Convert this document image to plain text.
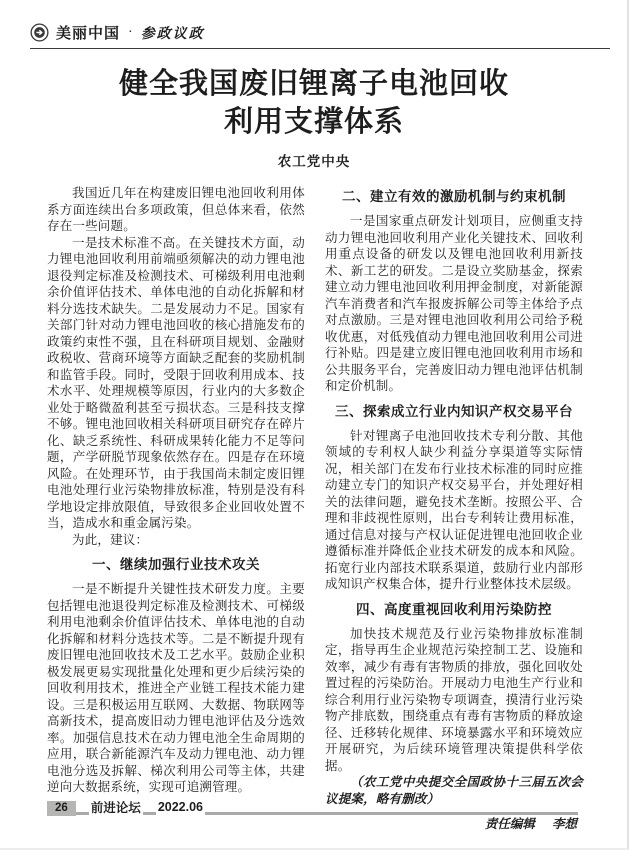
美丽中国 · 参政议政
健全我国废旧锂离子电池回收
利用支撑体系
农工党中央

我国近几年在构建废旧锂电池回收利用体系方面连续出台多项政策，但总体来看，依然存在一些问题。

一是技术标准不高。在关键技术方面，动力锂电池回收利用前端亟须解决的动力锂电池退役判定标准及检测技术、可梯级利用电池剩余价值评估技术、单体电池的自动化拆解和材料分选技术缺失。二是发展动力不足。国家有关部门针对动力锂电池回收的核心措施发布的政策约束性不强，且在科研项目规划、金融财政税收、营商环境等方面缺乏配套的奖励机制和监管手段。同时，受限于回收利用成本、技术水平、处理规模等原因，行业内的大多数企业处于略微盈利甚至亏损状态。三是科技支撑不够。锂电池回收相关科研项目研究存在碎片化、缺乏系统性、科研成果转化能力不足等问题，产学研脱节现象依然存在。四是存在环境风险。在处理环节，由于我国尚未制定废旧锂电池处理行业污染物排放标准，特别是没有科学地设定排放限值，导致很多企业回收处置不当，造成水和重金属污染。

为此，建议：

一、继续加强行业技术攻关

一是不断提升关键性技术研发力度。主要包括锂电池退役判定标准及检测技术、可梯级利用电池剩余价值评估技术、单体电池的自动化拆解和材料分选技术等。二是不断提升现有废旧锂电池回收技术及工艺水平。鼓励企业积极发展更易实现批量化处理和更少后续污染的回收利用技术，推进全产业链工程技术能力建设。三是积极运用互联网、大数据、物联网等高新技术，提高废旧动力锂电池评估及分选效率。加强信息技术在动力锂电池全生命周期的应用，联合新能源汽车及动力锂电池、动力锂电池分选及拆解、梯次利用公司等主体，共建逆向大数据系统，实现可追溯管理。

二、建立有效的激励机制与约束机制

一是国家重点研发计划项目，应侧重支持动力锂电池回收利用产业化关键技术、回收利用重点设备的研发以及锂电池回收利用新技术、新工艺的研发。二是设立奖励基金，探索建立动力锂电池回收利用押金制度，对新能源汽车消费者和汽车报废拆解公司等主体给予点对点激励。三是对锂电池回收利用公司给予税收优惠，对低残值动力锂电池回收利用公司进行补贴。四是建立废旧锂电池回收利用市场和公共服务平台，完善废旧动力锂电池评估机制和定价机制。

三、探索成立行业内知识产权交易平台

针对锂离子电池回收技术专利分散、其他领域的专利权人缺少利益分享渠道等实际情况，相关部门在发布行业技术标准的同时应推动建立专门的知识产权交易平台，并处理好相关的法律问题，避免技术垄断。按照公平、合理和非歧视性原则，出台专利转让费用标准，通过信息对接与产权认证促进锂电池回收企业遵循标准并降低企业技术研发的成本和风险。拓宽行业内部技术联系渠道，鼓励行业内部形成知识产权集合体，提升行业整体技术层级。

四、高度重视回收利用污染防控

加快技术规范及行业污染物排放标准制定，指导再生企业规范污染控制工艺、设施和效率，减少有毒有害物质的排放，强化回收处置过程的污染防治。开展动力电池生产行业和综合利用行业污染物专项调查，摸清行业污染物产排底数，围绕重点有毒有害物质的释放途径、迁移转化规律、环境暴露水平和环境效应开展研究，为后续环境管理决策提供科学依据。

（农工党中央提交全国政协十三届五次会议提案，略有删改）

责任编辑 李想
26	前进论坛 2022.06
